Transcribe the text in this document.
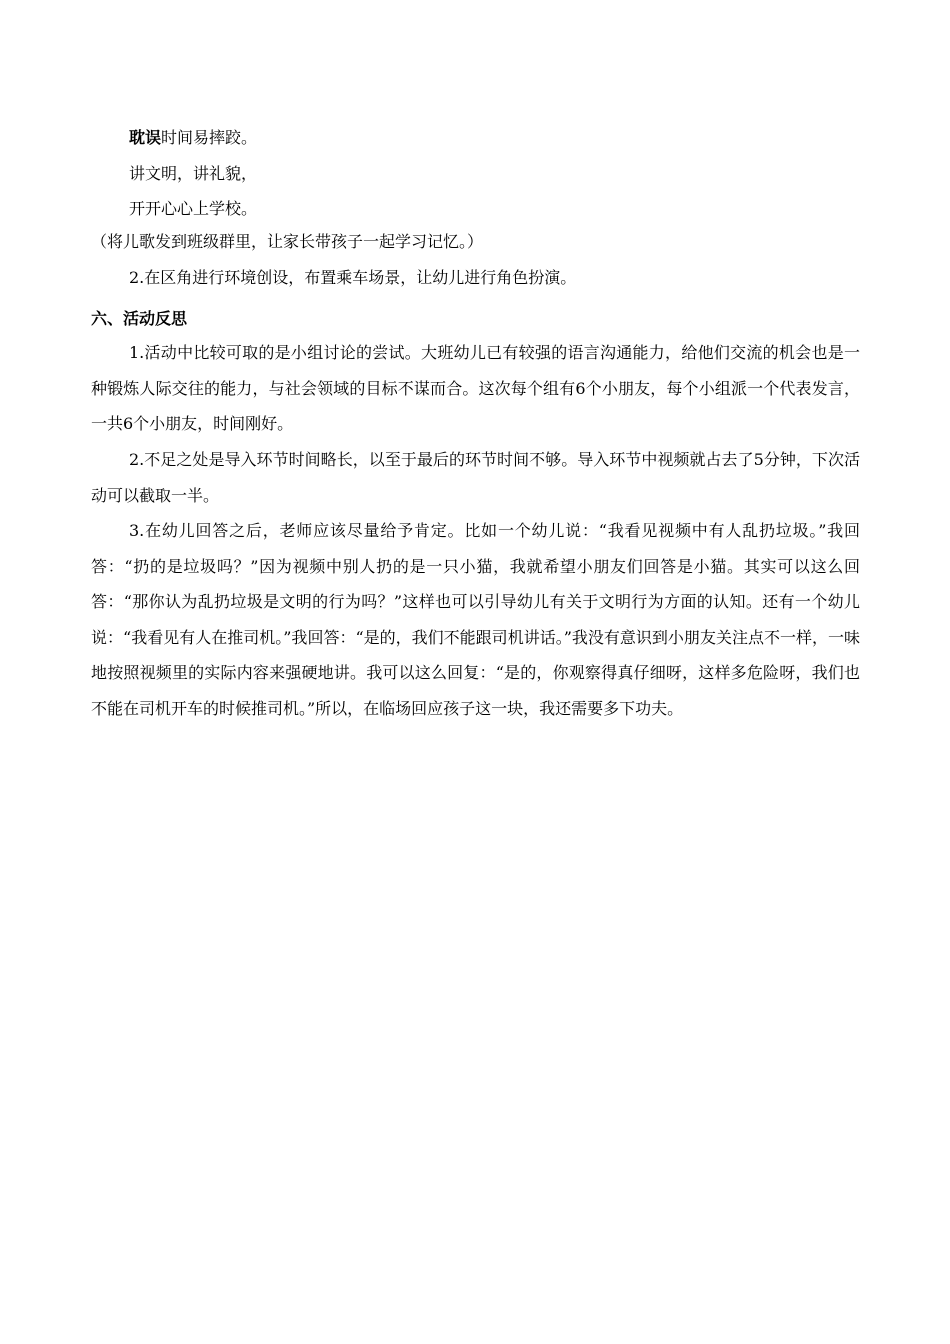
耽误时间易摔跤。
讲文明，讲礼貌，
开开心心上学校。
（将儿歌发到班级群里，让家长带孩子一起学习记忆。）
2.在区角进行环境创设，布置乘车场景，让幼儿进行角色扮演。
六、活动反思

1.活动中比较可取的是小组讨论的尝试。大班幼儿已有较强的语言沟通能力，给他们交流的机会也是一种锻炼人际交往的能力，与社会领域的目标不谋而合。这次每个组有6个小朋友，每个小组派一个代表发言，一共6个小朋友，时间刚好。

2.不足之处是导入环节时间略长，以至于最后的环节时间不够。导入环节中视频就占去了5分钟，下次活动可以截取一半。

3.在幼儿回答之后，老师应该尽量给予肯定。比如一个幼儿说：“我看见视频中有人乱扔垃圾。”我回答：“扔的是垃圾吗？”因为视频中别人扔的是一只小猫，我就希望小朋友们回答是小猫。其实可以这么回答：“那你认为乱扔垃圾是文明的行为吗？”这样也可以引导幼儿有关于文明行为方面的认知。还有一个幼儿说：“我看见有人在推司机。”我回答：“是的，我们不能跟司机讲话。”我没有意识到小朋友关注点不一样，一味地按照视频里的实际内容来强硬地讲。我可以这么回复：“是的，你观察得真仔细呀，这样多危险呀，我们也不能在司机开车的时候推司机。”所以，在临场回应孩子这一块，我还需要多下功夫。
